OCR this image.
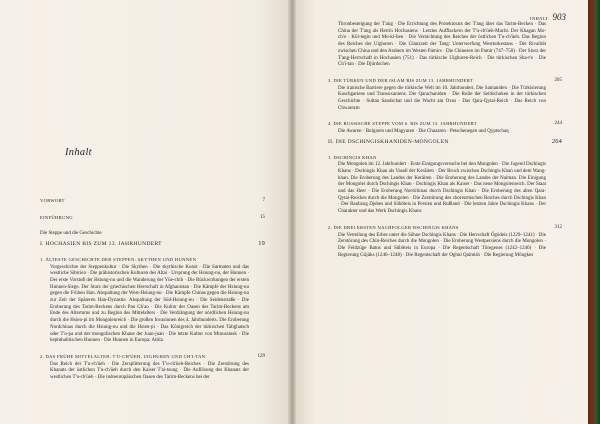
Inhalt
VORWORT	7
EINFÜHRUNG	15
Die Steppe und die Geschichte
I. HOCHASIEN BIS ZUM 13. JAHRHUNDERT	19
1. ÄLTESTE GESCHICHTE DER STEPPEN: SKYTHEN UND HUNNEN

Vorgeschichte der Steppenkultur · Die Skythen · Die skythische Kunst · Die Sarmaten und das westliche Sibirien · Die prähistorischen Kulturen des Altai · Ursprung der Hsiung-nu, der Hunnen · Der erste Vorstoß der Hsiung-nu und die Wanderung der Yüe-chih · Die Rückwirkungen der ersten Hunnen-Siege. Der Sturz der griechischen Herrschaft in Afghanistan · Die Kämpfe der Hsiung-nu gegen die Frühen Han. Abspaltung der West-Hsiung-nu · Die Kämpfe Chinas gegen die Hsiung-nu zur Zeit der Späteren Han-Dynastie. Abspaltung der Süd-Hsiung-nu · Die Seidenstraße · Die Eroberung des Tarim-Beckens durch Pan Ch'ao · Die Kultur der Oasen des Tarim-Beckens am Ende des Altertums und zu Beginn des Mittelalters · Die Verdrängung der nördlichen Hsiung-nu durch die Hsien-pi im Mongolenreich · Die großen Invasionen des 4. Jahrhunderts. Die Eroberung Nordchinas durch die Hsiung-nu und die Hsien-pi · Das Königreich der türkischen Tabghatsch oder T'o-pa und der mongolischen Khane der Juan-juan · Die letzte Kultur von Minussinsk · Die hephthalitischen Hunnen · Die Hunnen in Europa: Attila

2. DAS FRÜHE MITTELALTER: T'U-CH'ÜEH, UIGHUREN UND CH'I-TAN	129

Das Reich der T'u-ch'üeh · Die Zersplitterung des T'u-ch'üeh-Reiches · Die Zerstörung des Khanats der östlichen T'u-ch'üeh durch den Kaiser T'ai-tsung · Die Auflösung des Khanats der westlichen T'u-ch'üeh · Die indoeuropäischen Oasen des Tarim-Beckens bei der

INHALT 903

Thronbesteigung der T'ang · Die Errichtung des Protektorats der T'ang über das Tarim-Becken · Das China der T'ang als Herrin Hochasiens · Letztes Aufflackern der T'u-ch'üeh-Macht. Der Khagan Mo-ch'o · Kül-tegin und Mo-ki-lien · Die Vernichtung des Reiches der östlichen T'u-ch'üeh. Das Beginn des Reiches der Uighuren · Die Glanzzeit der Tang: Unterwerfung Westturkestans · Die Rivalität zwischen China und den Arabern im Westen Pamirs · Die Chinesen im Pamir (747–750) · Der Sturz der T'ang-Herrschaft in Hochasien (751) · Das türkische Uighuren-Reich · Die türkischen Sha-t'o · Die Ch'i-tan · Die Djürdschen

3. DIE TÜRKEN UND DER ISLAM BIS ZUM 13. JAHRHUNDERT	205

Die iranische Barriere gegen die türkische Welt im 10. Jahrhundert. Die Samaniden · Die Türkisierung Kaschgariens und Transoxaniens. Die Qarachaniden · Die Rolle der Seldschuken in der türkischen Geschichte · Sultan Sandschar und die Wacht am Oxus · Das Qara-Qytai-Reich · Das Reich von Chwarezm

4. DIE RUSSISCHE STEPPE VOM 6. BIS ZUM 13. JAHRHUNDERT	244

Die Awaren · Bulgaren und Magyaren · Die Chazaren · Petschenegen und Qyptschaq

II. DIE DSCHINGISKHANIDEN-MONGOLEN	264
1. DSCHINGIS KHAN

Die Mongolen im 12. Jahrhundert · Erste Einigungsversuche bei den Mongolen · Die Jugend Dschingis Khans · Dschingis Khan als Vasall der Keräiten · Der Bruch zwischen Dschingis Khan und dem Wang-khan. Die Eroberung des Landes der Keräiten · Die Eroberung des Landes der Naiman. Die Einigung der Mongolei durch Dschingis Khan · Dschingis Khan als Kaiser · Das neue Mongolenreich. Der Staat und das Heer · Die Eroberung Nordchinas durch Dschingis Khan · Die Eroberung des alten Qara-Qytai-Reiches durch die Mongolen · Die Zerstörung des chorezmischen Reiches durch Dschingis Khan · Der Raubzug Djebes und Süböteis in Persien und Rußland · Die letzten Jahre Dschingis Khans · Der Charakter und das Werk Dschingis Khans

2. DIE DREI ERSTEN NACHFOLGER DSCHINGIS KHANS	312

Die Verteilung des Erbes unter die Söhne Dschingis Khans · Die Herrschaft Ögödeis (1229–1241) · Die Zerstörung des Chin-Reiches durch die Mongolen · Die Eroberung Westpersiens durch die Mongolen · Die Feldzüge Batus und Süböteis in Europa · Die Regentschaft Töregenes (1242–1246) · Die Regierung Güjüks (1246–1248) · Die Regentschaft der Oghul Qaimish · Die Regierung Möngkes
